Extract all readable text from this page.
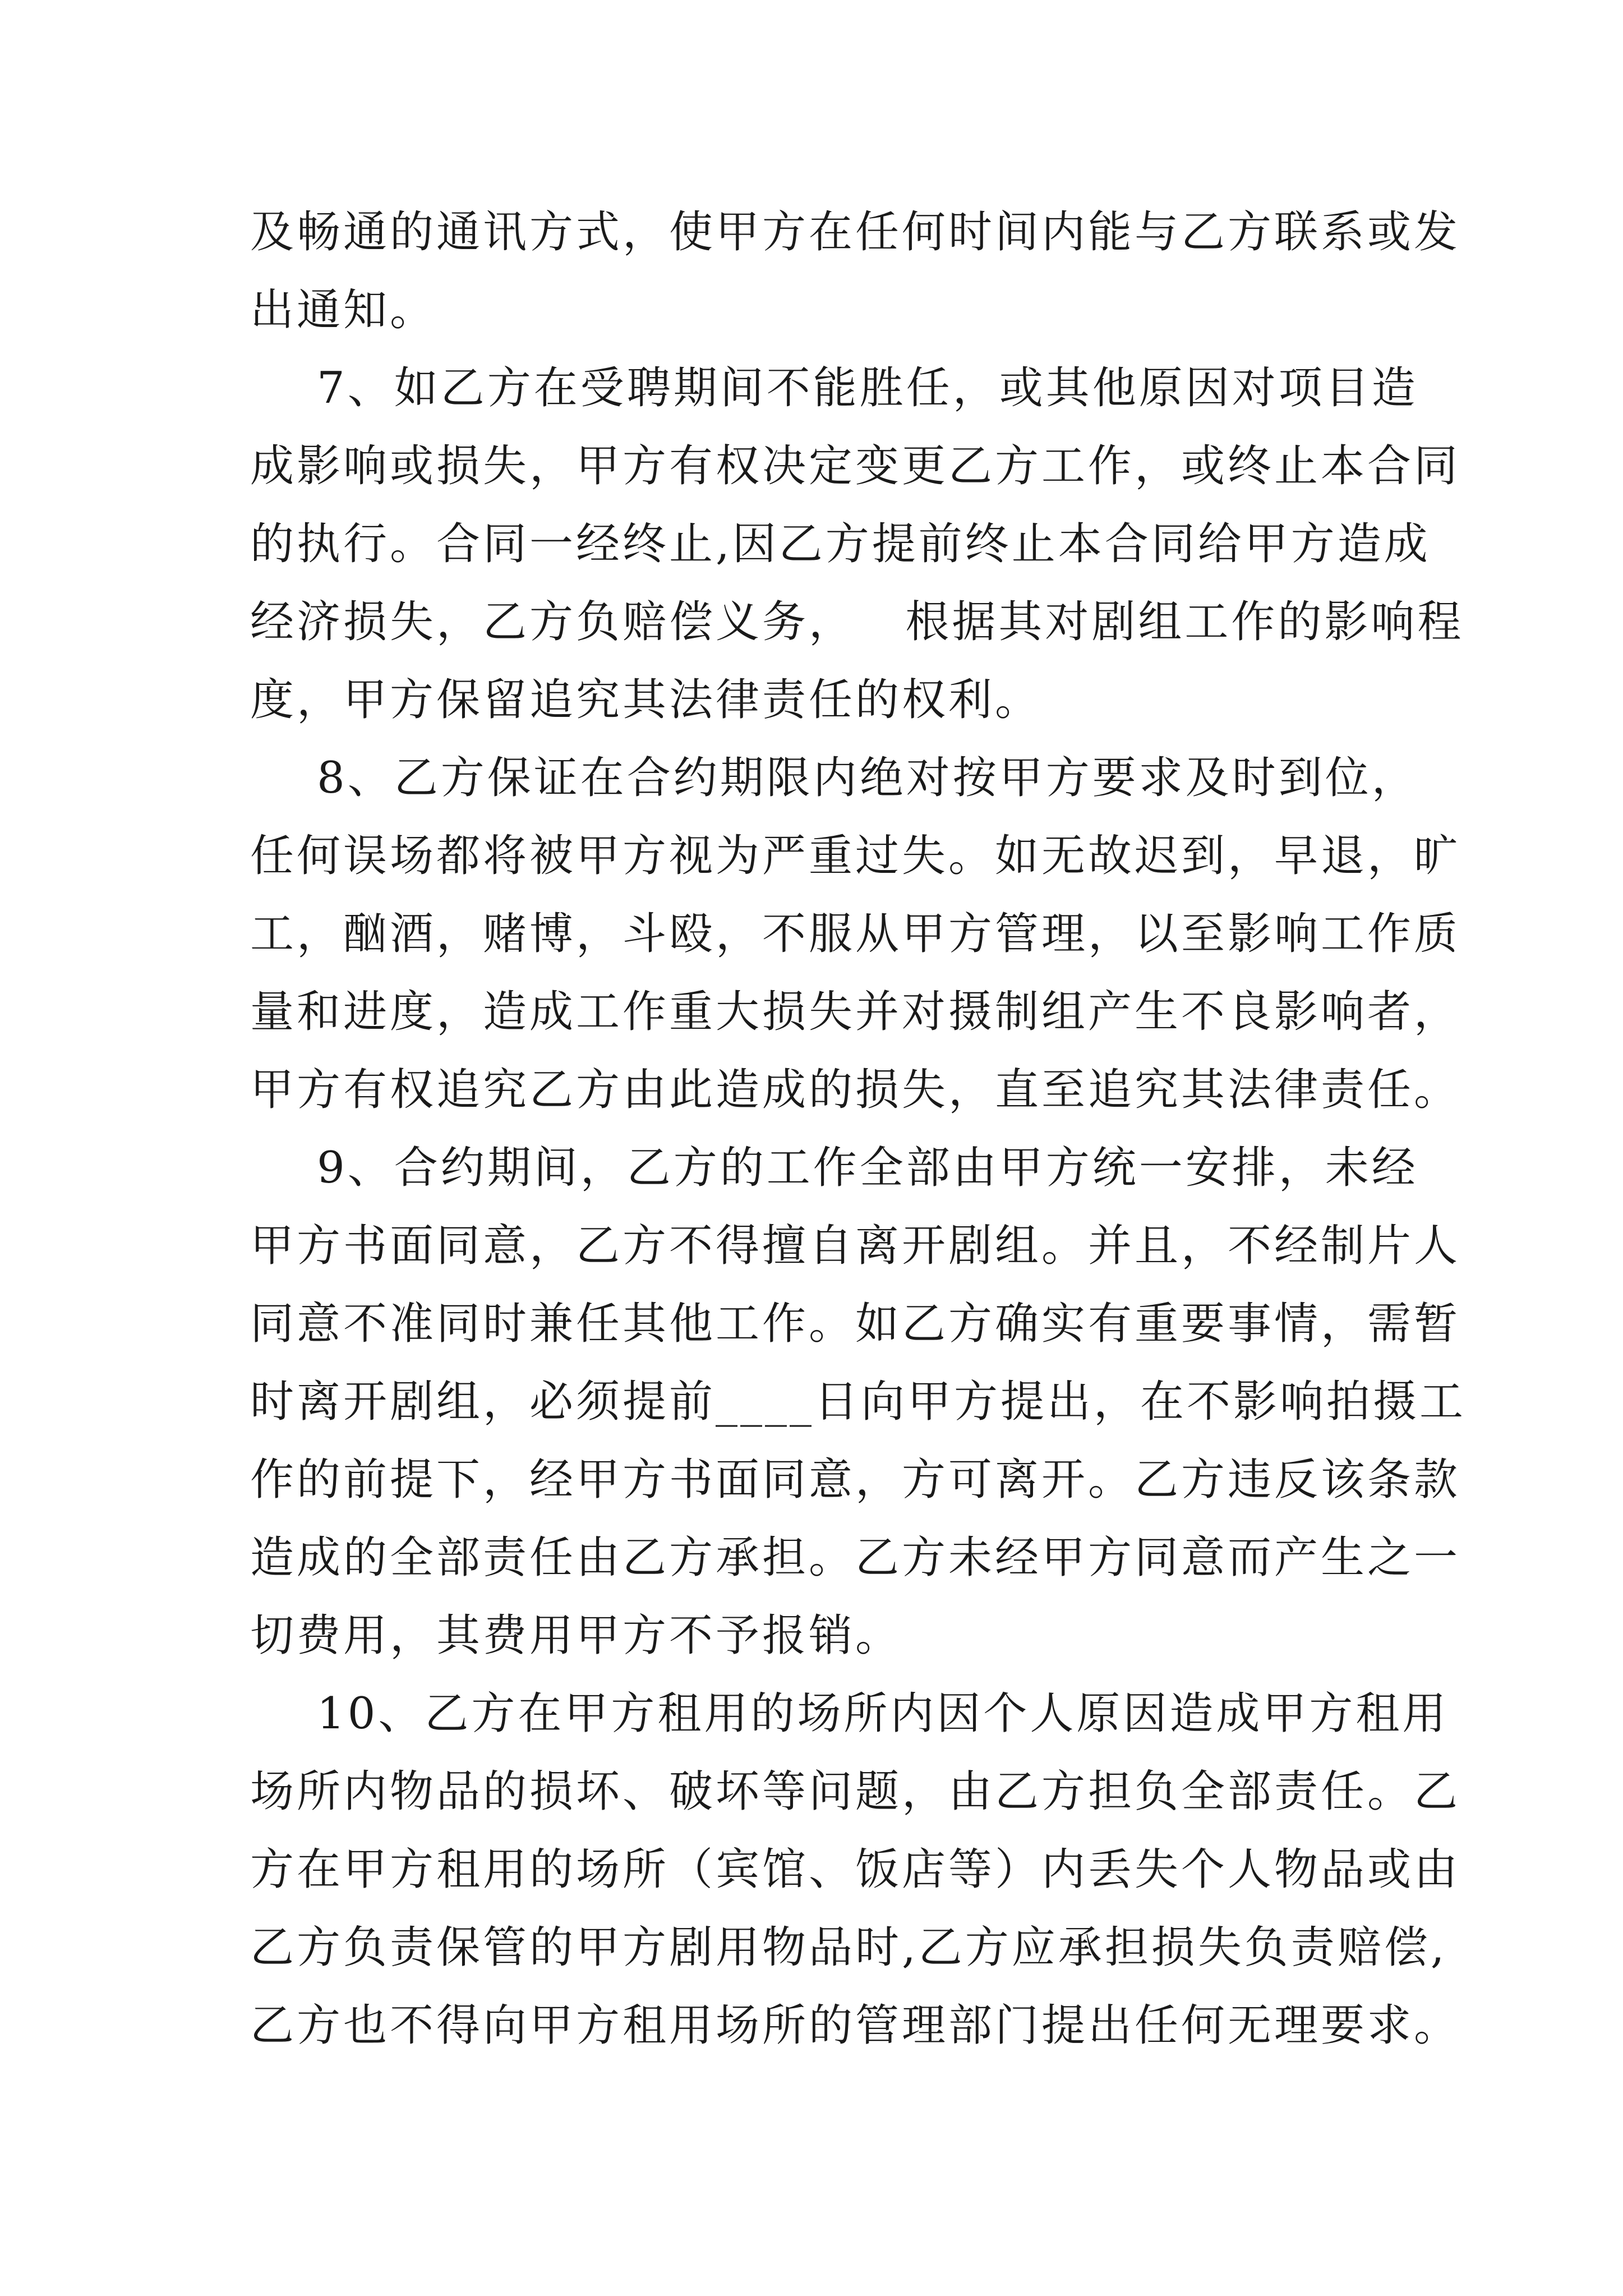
及畅通的通讯方式，使甲方在任何时间内能与乙方联系或发
出通知。
7、如乙方在受聘期间不能胜任，或其他原因对项目造
成影响或损失，甲方有权决定变更乙方工作，或终止本合同
的执行。合同一经终止,因乙方提前终止本合同给甲方造成
经济损失，乙方负赔偿义务，   根据其对剧组工作的影响程
度，甲方保留追究其法律责任的权利。
8、乙方保证在合约期限内绝对按甲方要求及时到位，
任何误场都将被甲方视为严重过失。如无故迟到，早退，旷
工，酗酒，赌博，斗殴，不服从甲方管理，以至影响工作质
量和进度，造成工作重大损失并对摄制组产生不良影响者，
甲方有权追究乙方由此造成的损失，直至追究其法律责任。
9、合约期间，乙方的工作全部由甲方统一安排，未经
甲方书面同意，乙方不得擅自离开剧组。并且，不经制片人
同意不准同时兼任其他工作。如乙方确实有重要事情，需暂
时离开剧组，必须提前____日向甲方提出，在不影响拍摄工
作的前提下，经甲方书面同意，方可离开。乙方违反该条款
造成的全部责任由乙方承担。乙方未经甲方同意而产生之一
切费用，其费用甲方不予报销。
10、乙方在甲方租用的场所内因个人原因造成甲方租用
场所内物品的损坏、破坏等问题，由乙方担负全部责任。乙
方在甲方租用的场所（宾馆、饭店等）内丢失个人物品或由
乙方负责保管的甲方剧用物品时,乙方应承担损失负责赔偿,
乙方也不得向甲方租用场所的管理部门提出任何无理要求。
